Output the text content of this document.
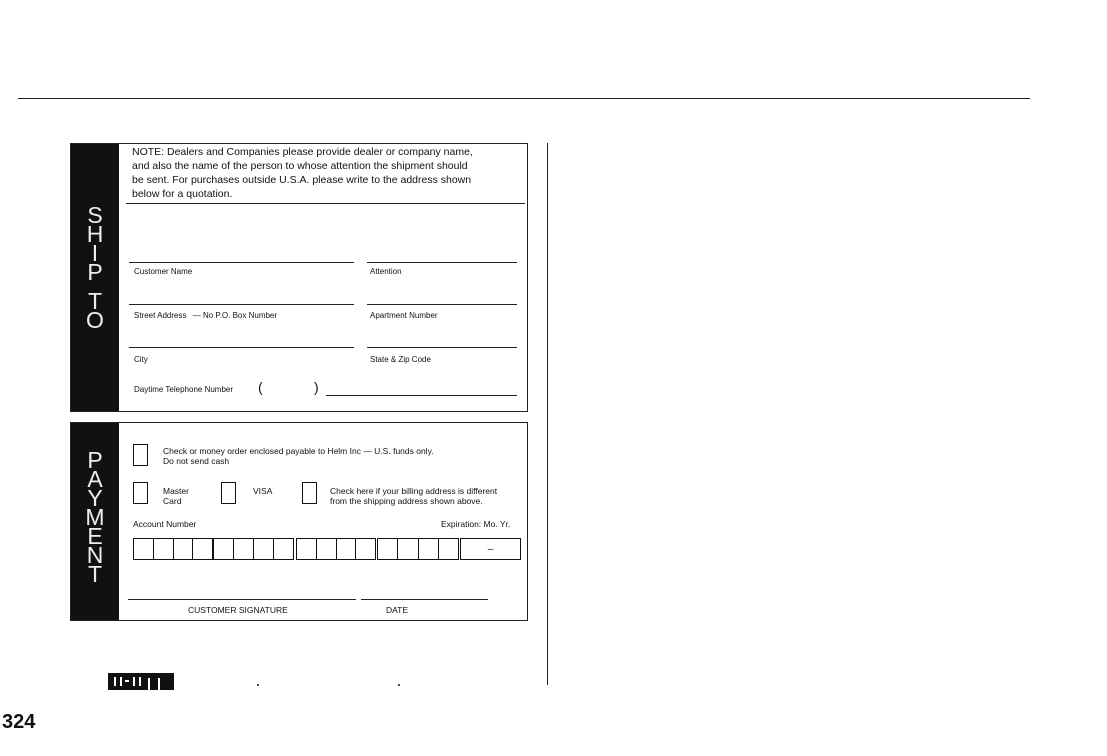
S
H
I
P
T
O
NOTE: Dealers and Companies please provide dealer or company name,
and also the name of the person to whose attention the shipment should
be sent. For purchases outside U.S.A. please write to the address shown
below for a quotation.
Customer Name	Attention
Street Address — No P.O. Box Number	Apartment Number
City	State & Zip Code
Daytime Telephone Number (	)
P
A
Y
M
E
N
T
Check or money order enclosed payable to Helm Inc — U.S. funds only.
Do not send cash
Master
Card
VISA	Check here if your billing address is different
from the shipping address shown above.
Account Number	Expiration: Mo. Yr.
–
CUSTOMER SIGNATURE	DATE
HELM
324
